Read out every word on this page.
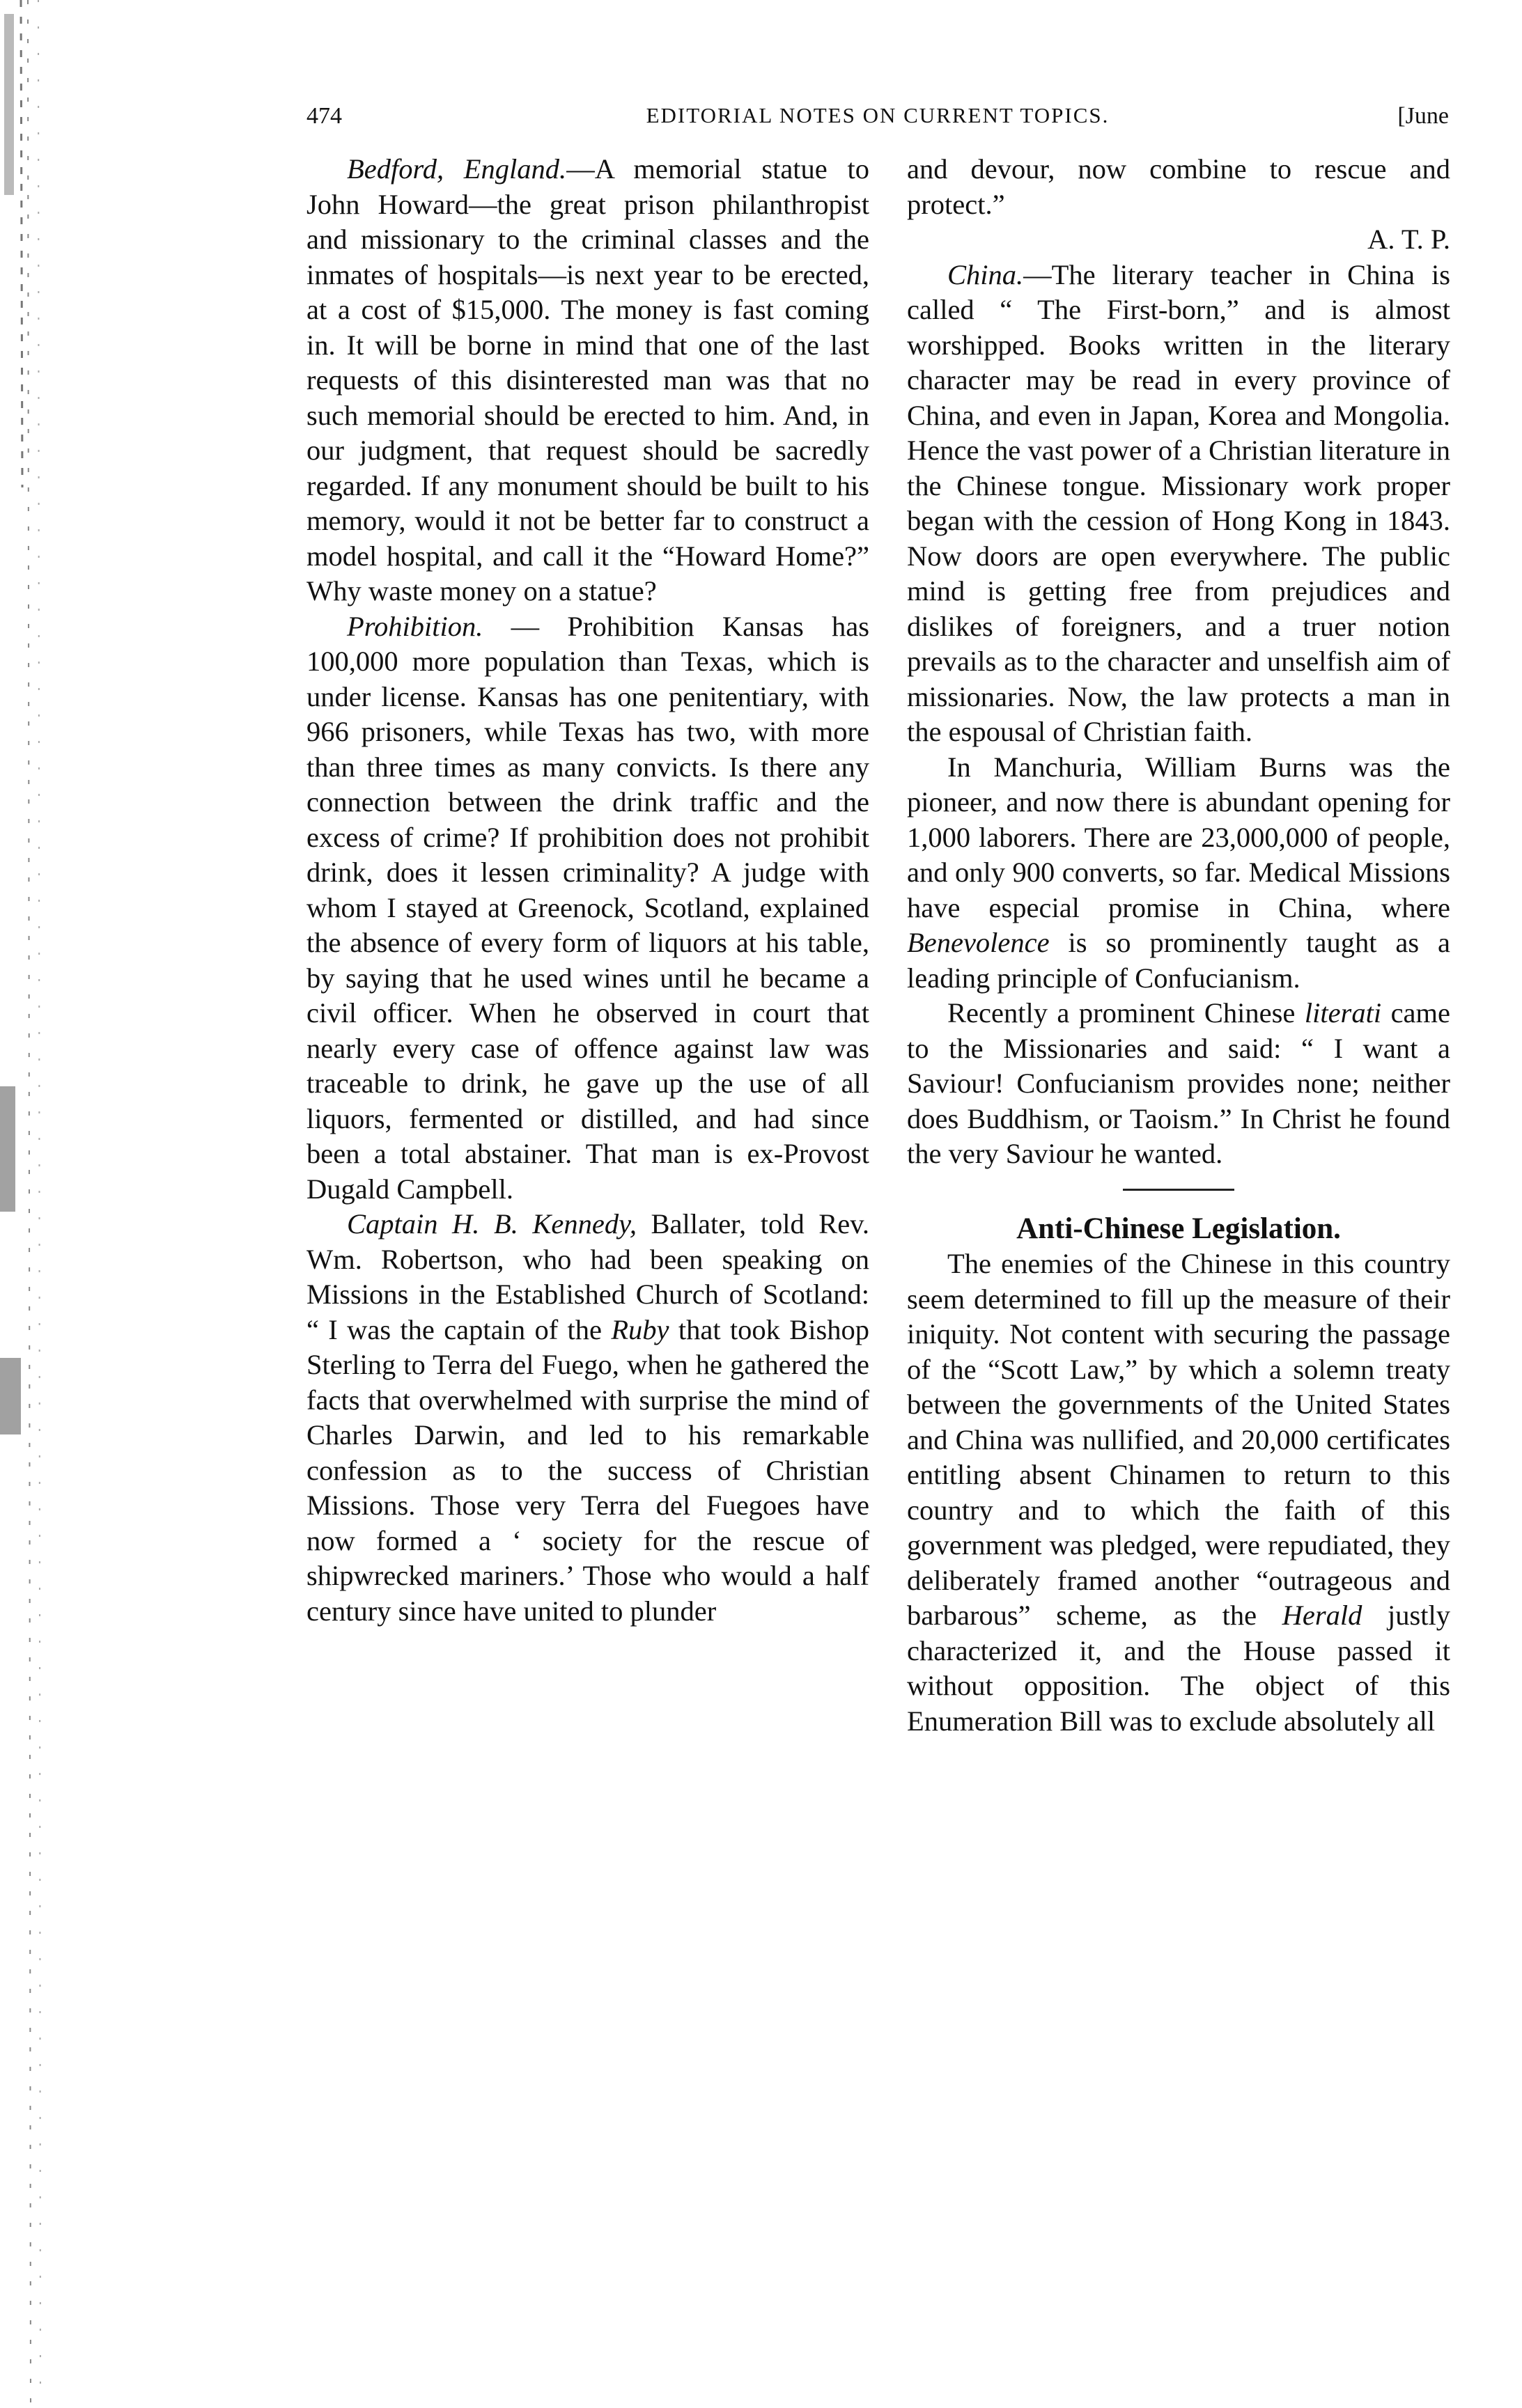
474	EDITORIAL NOTES ON CURRENT TOPICS.	[June

Bedford, England.—A memorial statue to John Howard—the great prison philanthropist and missionary to the criminal classes and the inmates of hospitals—is next year to be erected, at a cost of $15,000. The money is fast coming in. It will be borne in mind that one of the last requests of this disinterested man was that no such memorial should be erected to him. And, in our judgment, that request should be sacredly regarded. If any monument should be built to his memory, would it not be better far to construct a model hospital, and call it the “Howard Home?” Why waste money on a statue?

Prohibition. — Prohibition Kansas has 100,000 more population than Texas, which is under license. Kansas has one penitentiary, with 966 prisoners, while Texas has two, with more than three times as many convicts. Is there any connection between the drink traffic and the excess of crime? If prohibition does not prohibit drink, does it lessen criminality? A judge with whom I stayed at Greenock, Scotland, explained the absence of every form of liquors at his table, by saying that he used wines until he became a civil officer. When he observed in court that nearly every case of offence against law was traceable to drink, he gave up the use of all liquors, fermented or distilled, and had since been a total abstainer. That man is ex-Provost Dugald Campbell.

Captain H. B. Kennedy, Ballater, told Rev. Wm. Robertson, who had been speaking on Missions in the Established Church of Scotland: “ I was the captain of the Ruby that took Bishop Sterling to Terra del Fuego, when he gathered the facts that overwhelmed with surprise the mind of Charles Darwin, and led to his remarkable confession as to the success of Christian Missions. Those very Terra del Fuegoes have now formed a ‘ society for the rescue of shipwrecked mariners.’ Those who would a half century since have united to plunder

and devour, now combine to rescue and protect.”

A. T. P.

China.—The literary teacher in China is called “ The First-born,” and is almost worshipped. Books written in the literary character may be read in every province of China, and even in Japan, Korea and Mongolia. Hence the vast power of a Christian literature in the Chinese tongue. Missionary work proper began with the cession of Hong Kong in 1843. Now doors are open everywhere. The public mind is getting free from prejudices and dislikes of foreigners, and a truer notion prevails as to the character and unselfish aim of missionaries. Now, the law protects a man in the espousal of Christian faith.

In Manchuria, William Burns was the pioneer, and now there is abundant opening for 1,000 laborers. There are 23,000,000 of people, and only 900 converts, so far. Medical Missions have especial promise in China, where Benevolence is so prominently taught as a leading principle of Confucianism.

Recently a prominent Chinese literati came to the Missionaries and said: “ I want a Saviour! Confucianism provides none; neither does Buddhism, or Taoism.” In Christ he found the very Saviour he wanted.

Anti-Chinese Legislation.

The enemies of the Chinese in this country seem determined to fill up the measure of their iniquity. Not content with securing the passage of the “Scott Law,” by which a solemn treaty between the governments of the United States and China was nullified, and 20,000 certificates entitling absent Chinamen to return to this country and to which the faith of this government was pledged, were repudiated, they deliberately framed another “outrageous and barbarous” scheme, as the Herald justly characterized it, and the House passed it without opposition. The object of this Enumeration Bill was to exclude absolutely all
